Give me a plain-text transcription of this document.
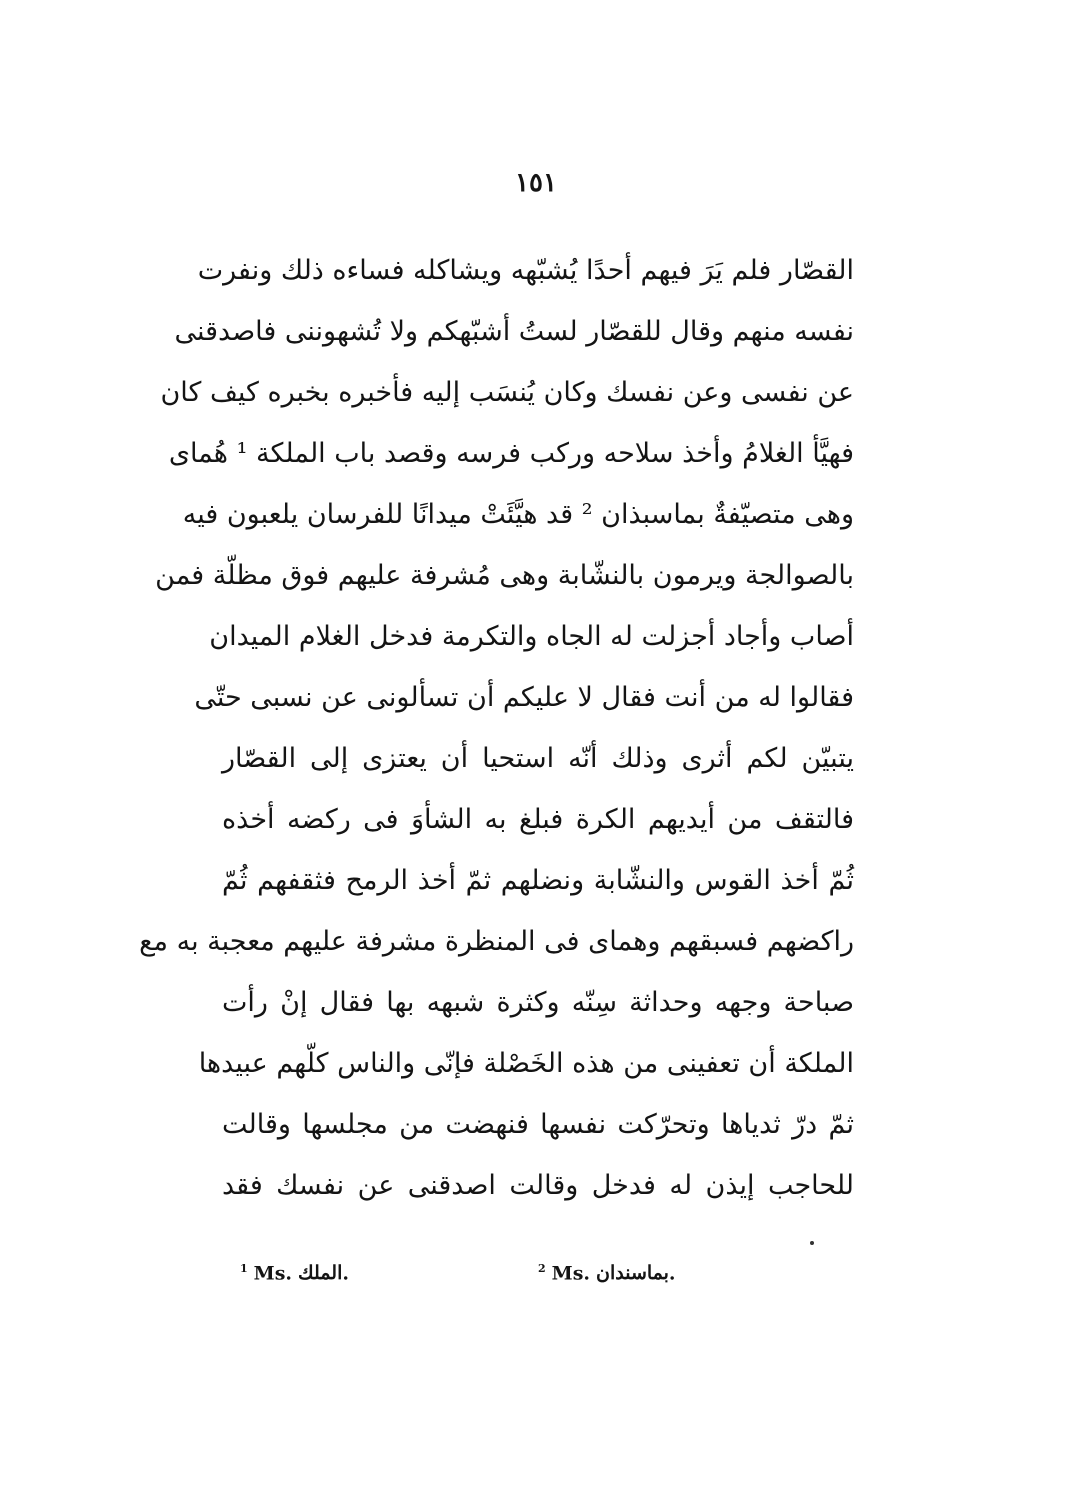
١٥١
القصّار فلم يَرَ فيهم أحدًا يُشبّهه ويشاكله فساءه ذلك ونفرت
نفسه منهم وقال للقصّار لستُ أشبّهكم ولا تُشهوننى فاصدقنى
عن نفسى وعن نفسك وكان يُنسَب إليه فأخبره بخبره كيف كان
فهيَّأ الغلامُ وأخذ سلاحه وركب فرسه وقصد باب الملكة ¹ هُماى
وهى متصيّفةٌ بماسبذان ² قد هيَّئَتْ ميدانًا للفرسان يلعبون فيه
بالصوالجة ويرمون بالنشّابة وهى مُشرفة عليهم فوق مظلّة فمن
أصاب وأجاد أجزلت له الجاه والتكرمة فدخل الغلام الميدان
فقالوا له من أنت فقال لا عليكم أن تسألونى عن نسبى حتّى
يتبيّن لكم أثرى وذلك أنّه استحيا أن يعتزى إلى القصّار
فالتقف من أيديهم الكرة فبلغ به الشأوَ فى ركضه أخذه
ثُمّ أخذ القوس والنشّابة ونضلهم ثمّ أخذ الرمح فثقفهم ثُمّ
راكضهم فسبقهم وهماى فى المنظرة مشرفة عليهم معجبة به مع
صباحة وجهه وحداثة سِنّه وكثرة شبهه بها فقال إنْ رأت
الملكة أن تعفينى من هذه الخَصْلة فإنّى والناس كلّهم عبيدها
ثمّ درّ ثدياها وتحرّكت نفسها فنهضت من مجلسها وقالت
للحاجب إيذن له فدخل وقالت اصدقنى عن نفسك فقد
$^1$ Ms. الملك.	$^2$ Ms. بماسندان.
